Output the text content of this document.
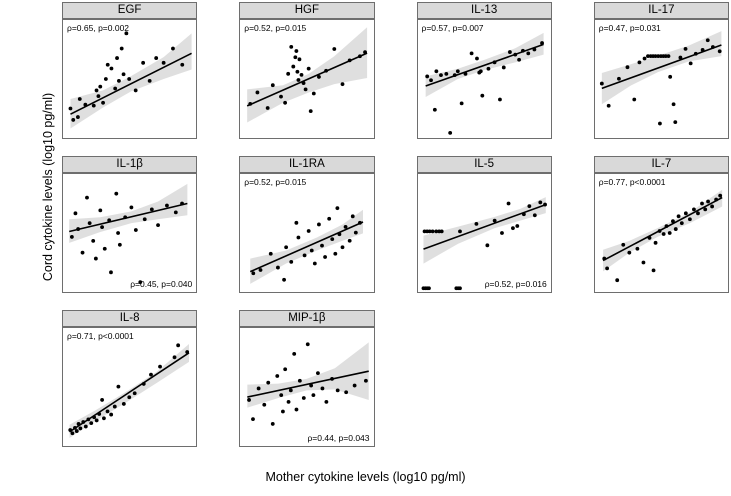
Cord cytokine levels (log10 pg/ml)
Mother cytokine levels (log10 pg/ml)
EGF
ρ=0.65, p=0.002
HGF
ρ=0.52, p=0.015
IL-13
ρ=0.57, p=0.007
IL-17
ρ=0.47, p=0.031
IL-1β
ρ=0.45, p=0.040
IL-1RA
ρ=0.52, p=0.015
IL-5
ρ=0.52, p=0.016
IL-7
ρ=0.77, p<0.0001
IL-8
ρ=0.71, p<0.0001
MIP-1β
ρ=0.44, p=0.043
